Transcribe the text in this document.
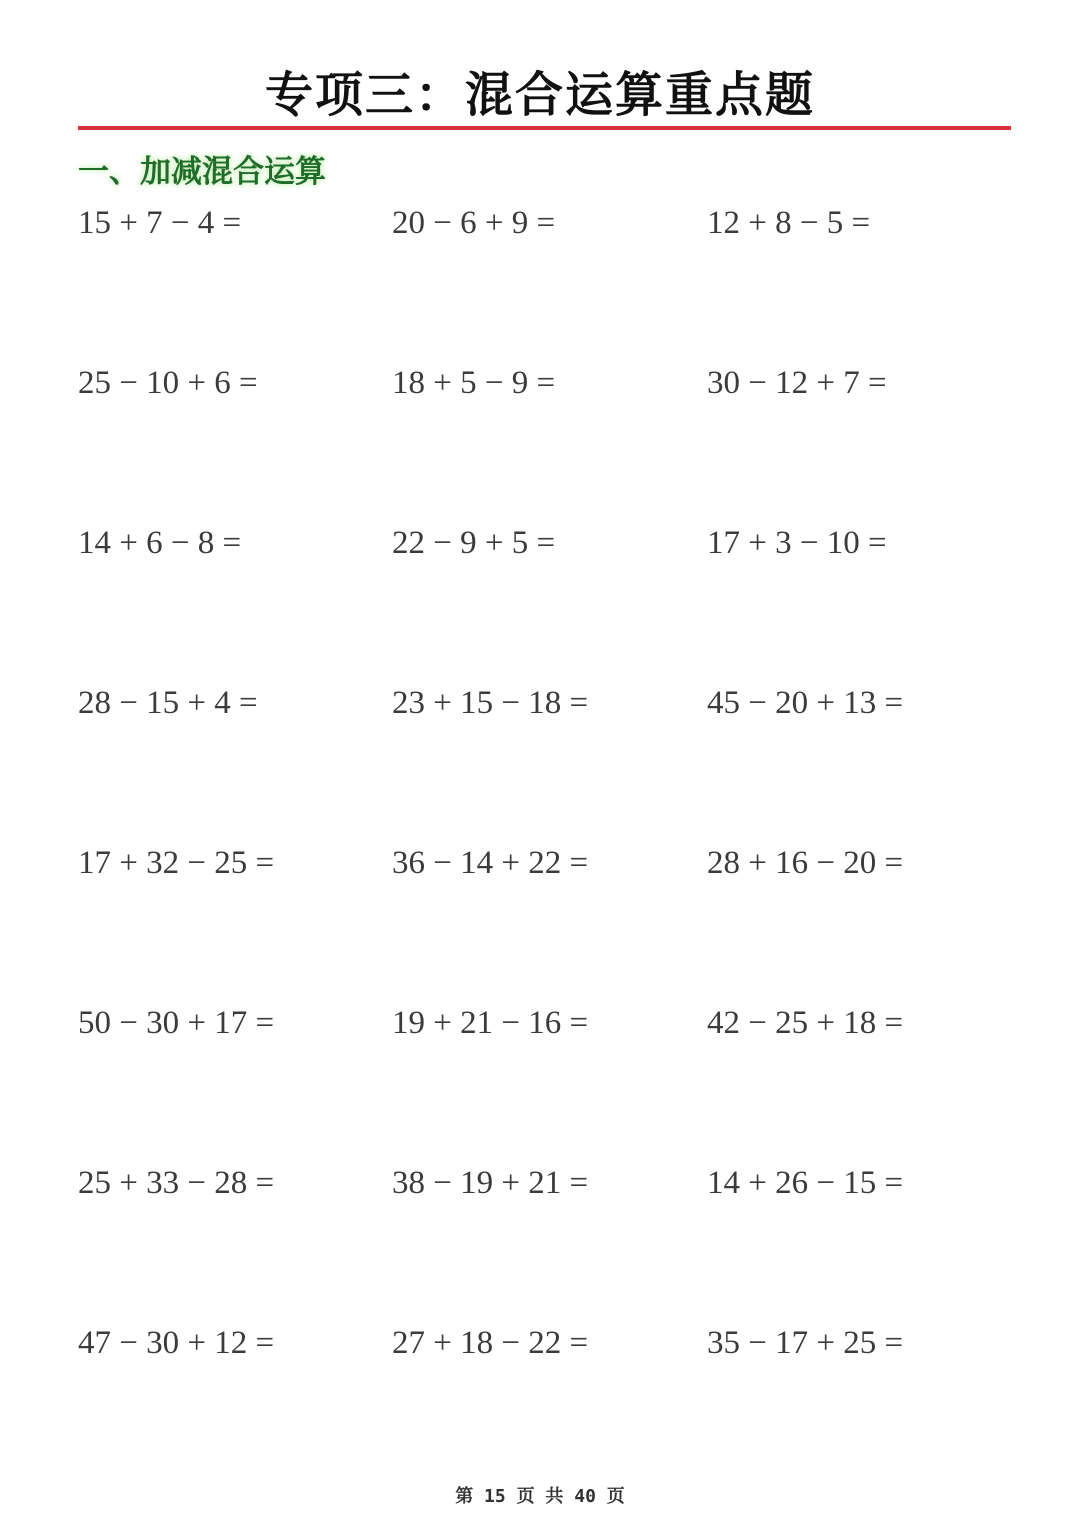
专项三：混合运算重点题
一、加减混合运算
15 + 7 − 4 =	20 − 6 + 9 =	12 + 8 − 5 =
25 − 10 + 6 =	18 + 5 − 9 =	30 − 12 + 7 =
14 + 6 − 8 =	22 − 9 + 5 =	17 + 3 − 10 =
28 − 15 + 4 =	23 + 15 − 18 =	45 − 20 + 13 =
17 + 32 − 25 =	36 − 14 + 22 =	28 + 16 − 20 =
50 − 30 + 17 =	19 + 21 − 16 =	42 − 25 + 18 =
25 + 33 − 28 =	38 − 19 + 21 =	14 + 26 − 15 =
47 − 30 + 12 =	27 + 18 − 22 =	35 − 17 + 25 =
第 15 页 共 40 页
